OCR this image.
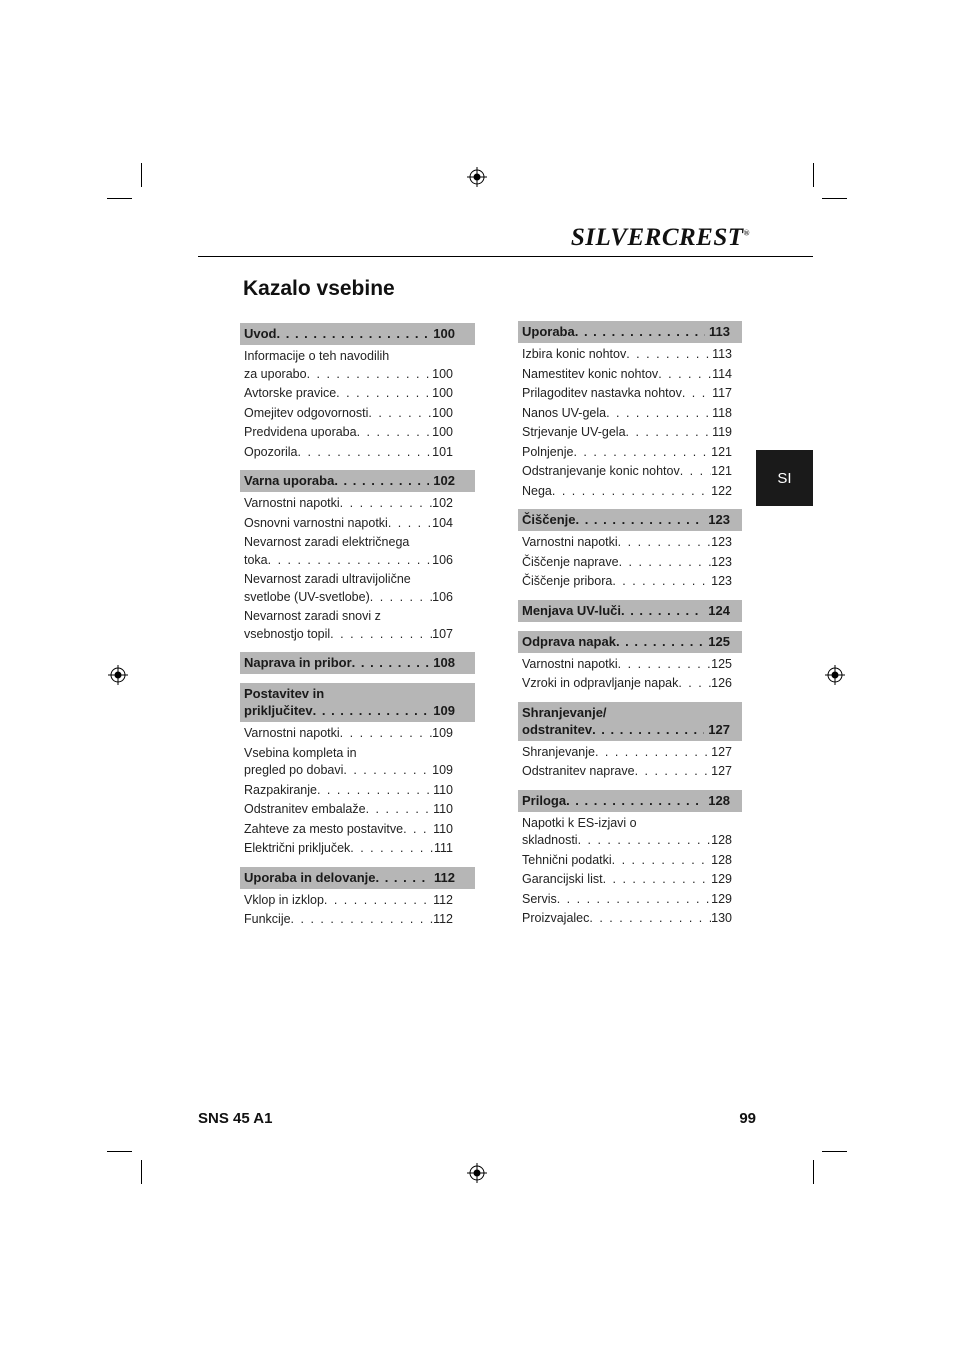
SILVERCREST®
Kazalo vsebine
SI
Uvod . . .	100
Informacije o teh navodilih
za uporabo . . .	100
Avtorske pravice . . .	100
Omejitev odgovornosti . . .	100
Predvidena uporaba . . .	100
Opozorila . . .	101
Varna uporaba . . .	102
Varnostni napotki . . .	102
Osnovni varnostni napotki . . .	104
Nevarnost zaradi električnega
toka . . .	106
Nevarnost zaradi ultravijolične
svetlobe (UV-svetlobe) . . .	106
Nevarnost zaradi snovi z
vsebnostjo topil . . .	107
Naprava in pribor . . .	108
Postavitev in
priključitev . . .	109
Varnostni napotki . . .	109
Vsebina kompleta in
pregled po dobavi . . .	109
Razpakiranje . . .	110
Odstranitev embalaže . . .	110
Zahteve za mesto postavitve . . . 110
Električni priključek . . .	111
Uporaba in delovanje . . .	112
Vklop in izklop . . .	112
Funkcije . . .	112
Uporaba . . .	113
Izbira konic nohtov . . .	113
Namestitev konic nohtov . . .	114
Prilagoditev nastavka nohtov . . . 117
Nanos UV-gela . . .	118
Strjevanje UV-gela . . .	119
Polnjenje . . .	121
Odstranjevanje konic nohtov . . .	121
Nega . . .	122
Čiščenje . . .	123
Varnostni napotki . . .	123
Čiščenje naprave . . .	123
Čiščenje pribora . . .	123
Menjava UV-luči . . .	124
Odprava napak . . .	125
Varnostni napotki . . .	125
Vzroki in odpravljanje napak . . .	126
Shranjevanje/
odstranitev . . .	127
Shranjevanje . . .	127
Odstranitev naprave . . .	127
Priloga . . .	128
Napotki k ES-izjavi o
skladnosti . . .	128
Tehnični podatki . . .	128
Garancijski list . . .	129
Servis . . .	129
Proizvajalec . . .	130
SNS 45 A1	99
